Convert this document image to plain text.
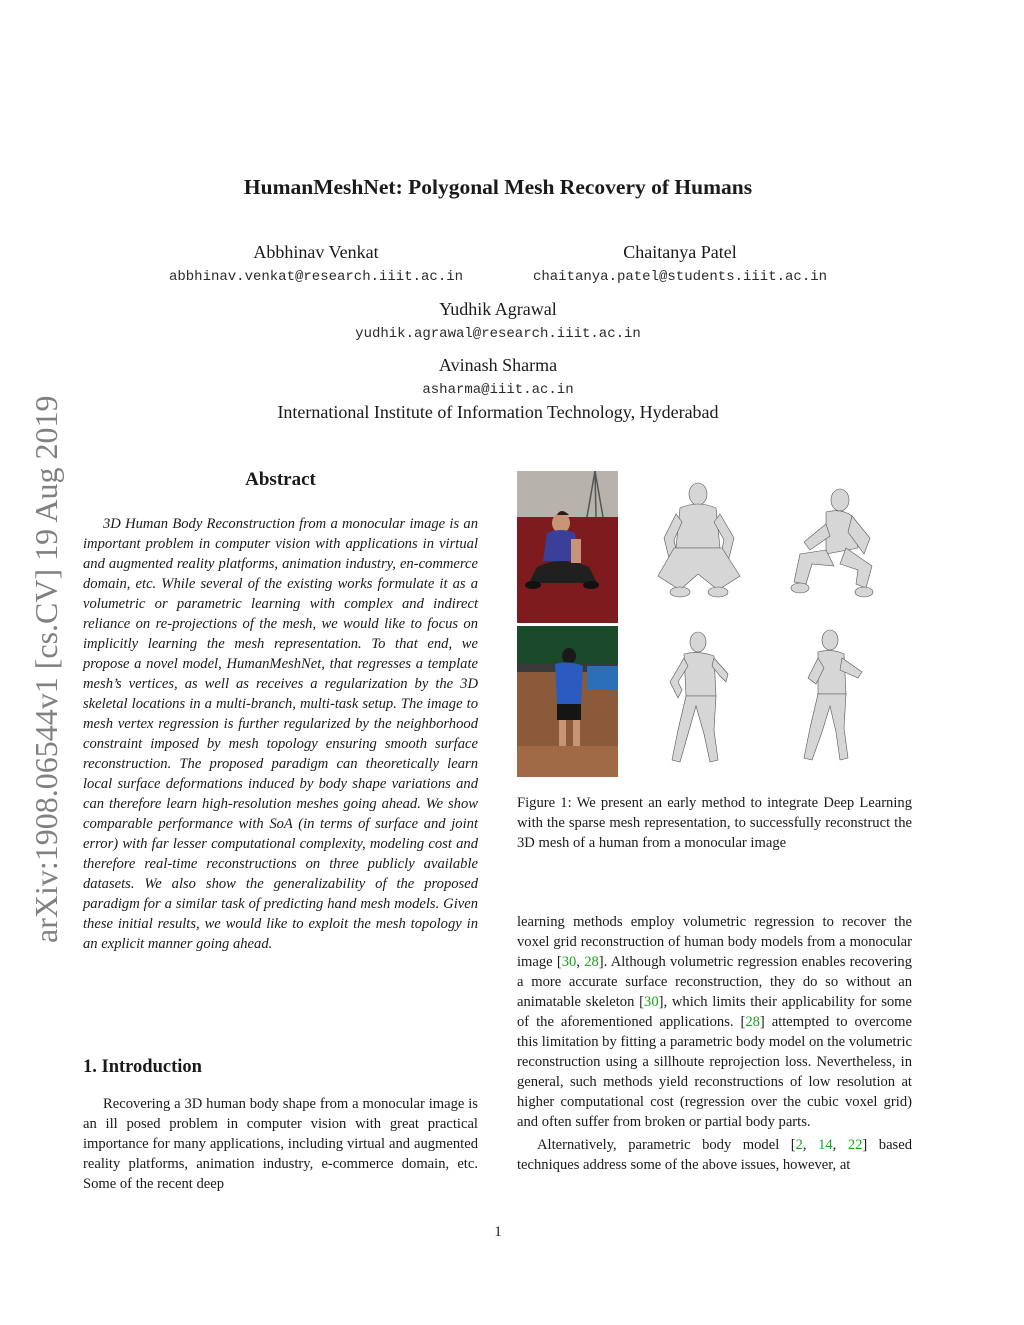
arXiv:1908.06544v1 [cs.CV] 19 Aug 2019
HumanMeshNet: Polygonal Mesh Recovery of Humans
Abbhinav Venkat
abbhinav.venkat@research.iiit.ac.in
Chaitanya Patel
chaitanya.patel@students.iiit.ac.in
Yudhik Agrawal
yudhik.agrawal@research.iiit.ac.in
Avinash Sharma
asharma@iiit.ac.in
International Institute of Information Technology, Hyderabad
Abstract

3D Human Body Reconstruction from a monocular image is an important problem in computer vision with applications in virtual and augmented reality platforms, animation industry, en-commerce domain, etc. While several of the existing works formulate it as a volumetric or parametric learning with complex and indirect reliance on re-projections of the mesh, we would like to focus on implicitly learning the mesh representation. To that end, we propose a novel model, HumanMeshNet, that regresses a template mesh’s vertices, as well as receives a regularization by the 3D skeletal locations in a multi-branch, multi-task setup. The image to mesh vertex regression is further regularized by the neighborhood constraint imposed by mesh topology ensuring smooth surface reconstruction. The proposed paradigm can theoretically learn local surface deformations induced by body shape variations and can therefore learn high-resolution meshes going ahead. We show comparable performance with SoA (in terms of surface and joint error) with far lesser computational complexity, modeling cost and therefore real-time reconstructions on three publicly available datasets. We also show the generalizability of the proposed paradigm for a similar task of predicting hand mesh models. Given these initial results, we would like to exploit the mesh topology in an explicit manner going ahead.

1. Introduction

Recovering a 3D human body shape from a monocular image is an ill posed problem in computer vision with great practical importance for many applications, including virtual and augmented reality platforms, animation industry, e-commerce domain, etc. Some of the recent deep

Figure 1: We present an early method to integrate Deep Learning with the sparse mesh representation, to successfully reconstruct the 3D mesh of a human from a monocular image

learning methods employ volumetric regression to recover the voxel grid reconstruction of human body models from a monocular image [30, 28]. Although volumetric regression enables recovering a more accurate surface reconstruction, they do so without an animatable skeleton [30], which limits their applicability for some of the aforementioned applications. [28] attempted to overcome this limitation by fitting a parametric body model on the volumetric reconstruction using a sillhoute reprojection loss. Nevertheless, in general, such methods yield reconstructions of low resolution at higher computational cost (regression over the cubic voxel grid) and often suffer from broken or partial body parts.

Alternatively, parametric body model [2, 14, 22] based techniques address some of the above issues, however, at

1
